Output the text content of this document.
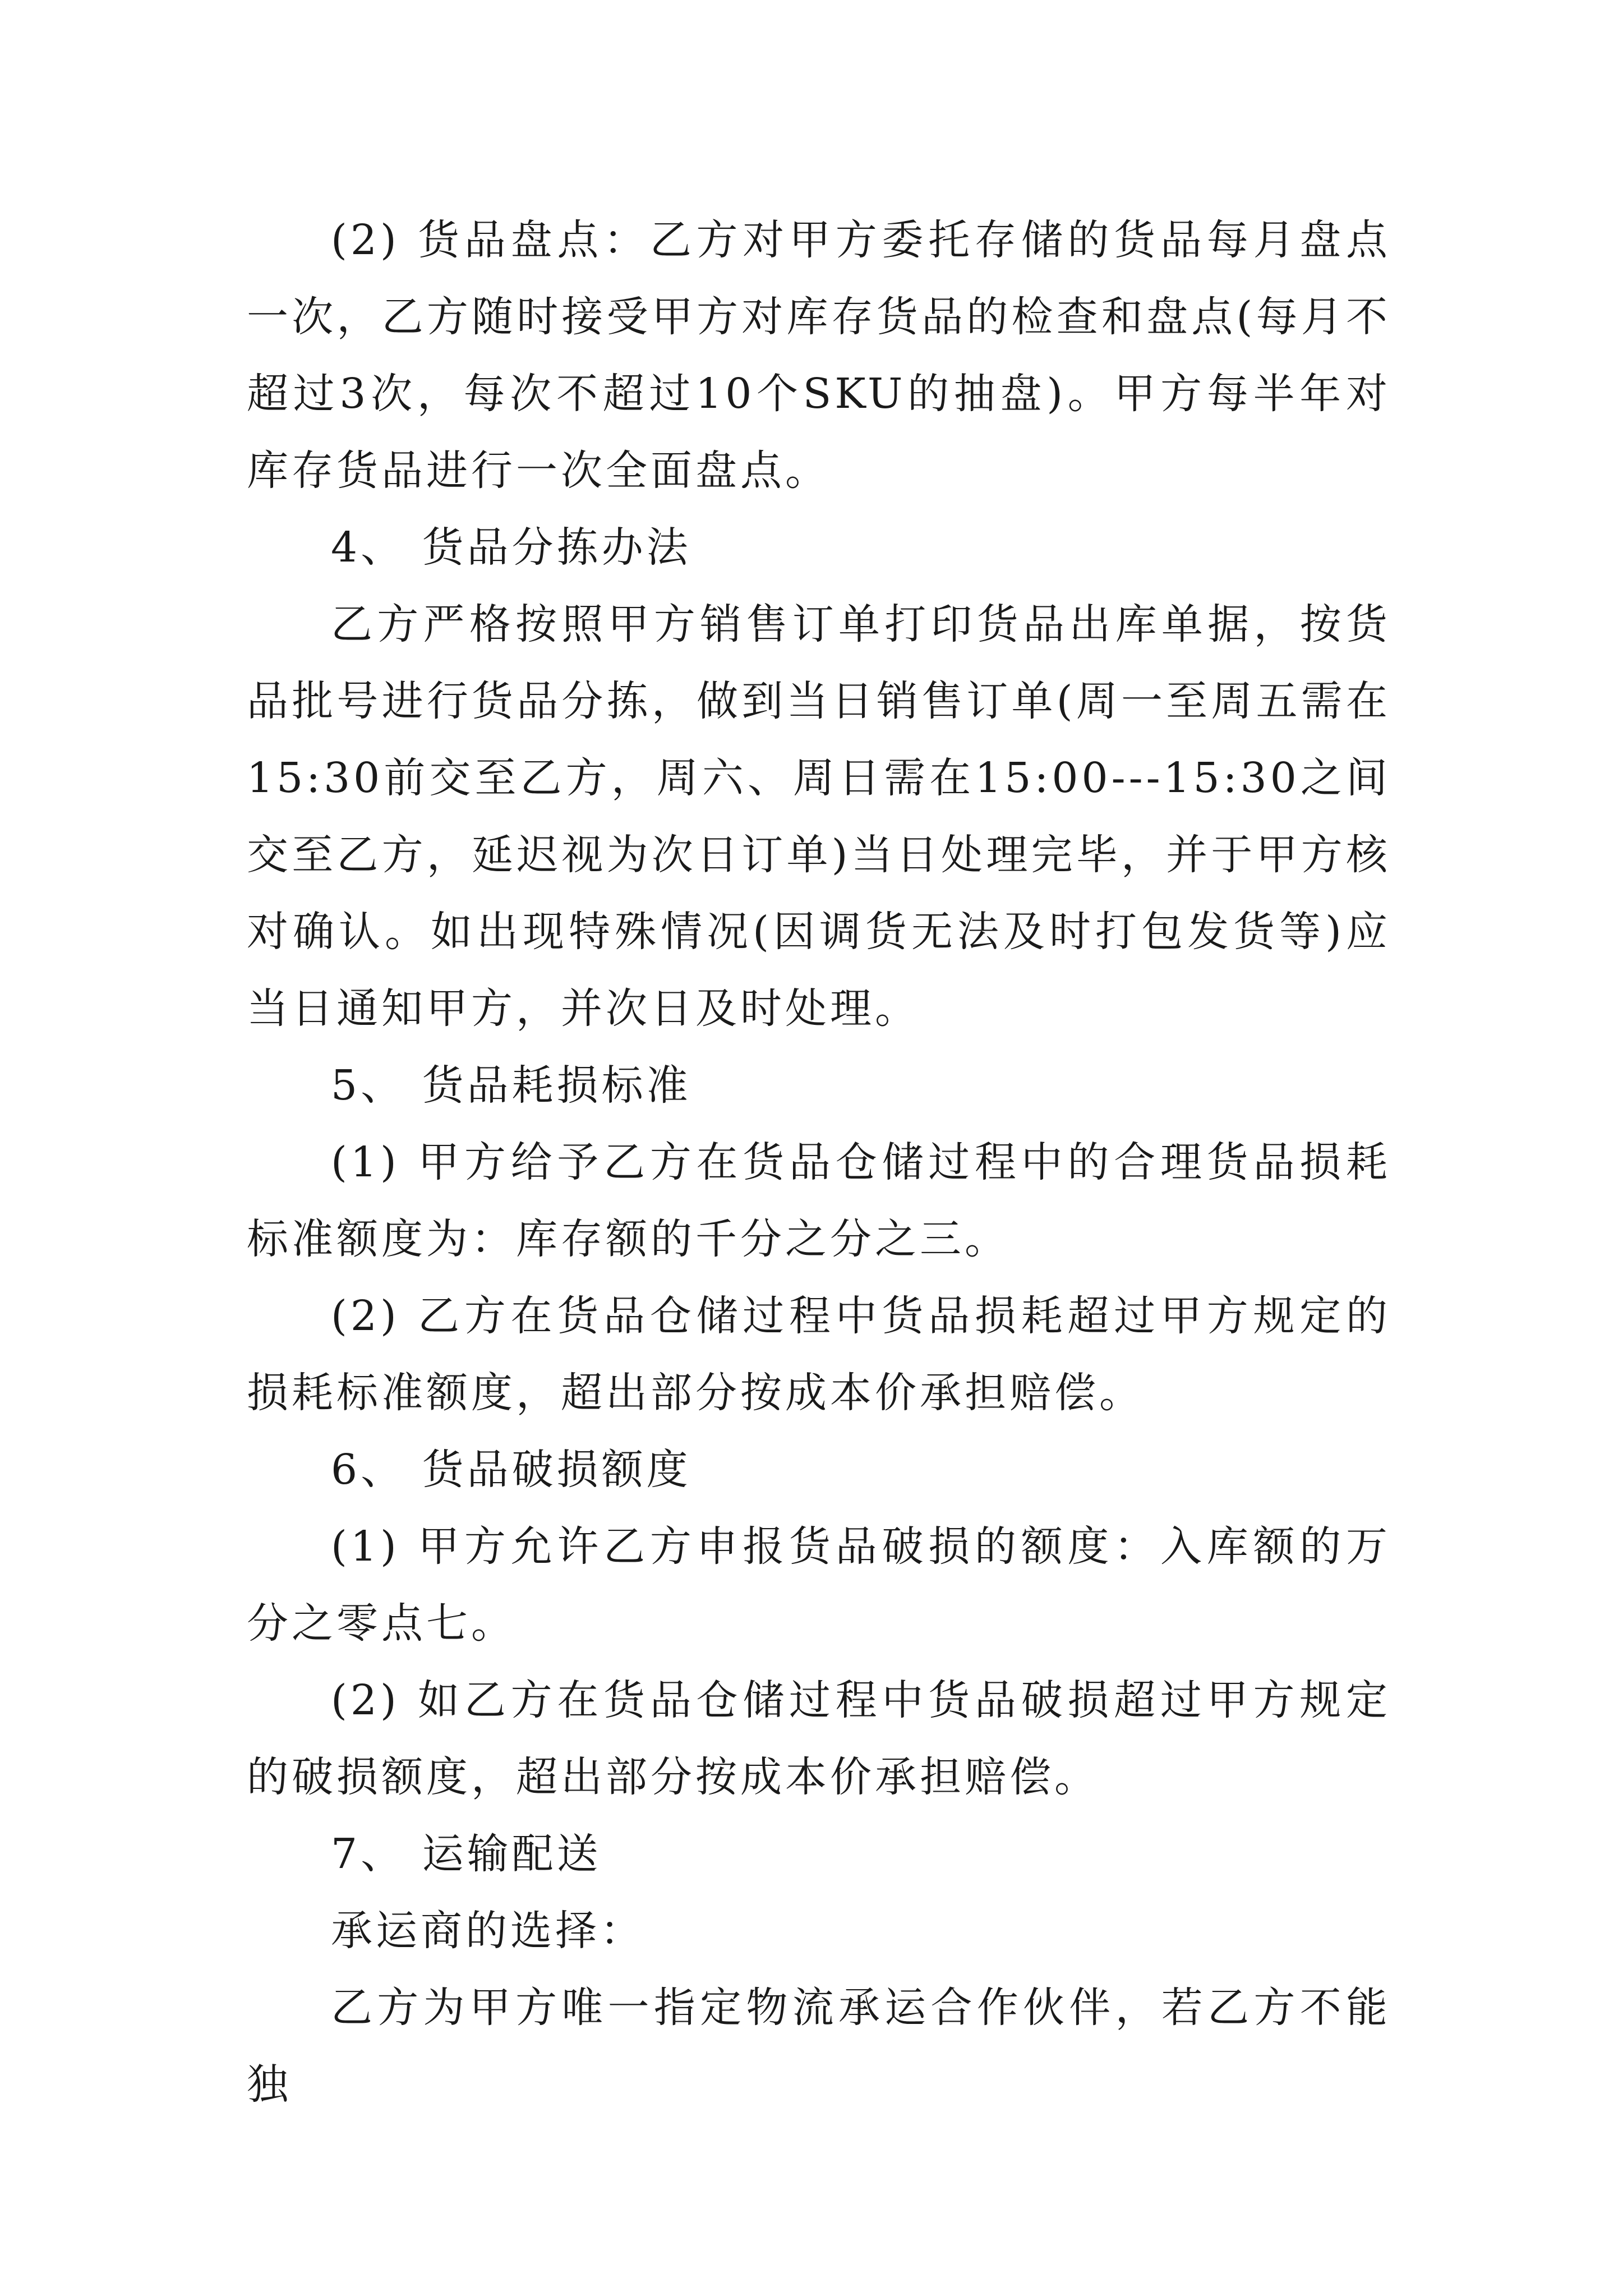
(2) 货品盘点：乙方对甲方委托存储的货品每月盘点一次，乙方随时接受甲方对库存货品的检查和盘点(每月不超过3次，每次不超过10个SKU的抽盘)。甲方每半年对库存货品进行一次全面盘点。

4、 货品分拣办法

乙方严格按照甲方销售订单打印货品出库单据，按货品批号进行货品分拣，做到当日销售订单(周一至周五需在15:30前交至乙方，周六、周日需在15:00---15:30之间交至乙方，延迟视为次日订单)当日处理完毕，并于甲方核对确认。如出现特殊情况(因调货无法及时打包发货等)应当日通知甲方，并次日及时处理。

5、 货品耗损标准

(1) 甲方给予乙方在货品仓储过程中的合理货品损耗标准额度为：库存额的千分之分之三。

(2) 乙方在货品仓储过程中货品损耗超过甲方规定的损耗标准额度，超出部分按成本价承担赔偿。

6、 货品破损额度

(1) 甲方允许乙方申报货品破损的额度：入库额的万分之零点七。

(2) 如乙方在货品仓储过程中货品破损超过甲方规定的破损额度，超出部分按成本价承担赔偿。

7、 运输配送

承运商的选择：

乙方为甲方唯一指定物流承运合作伙伴，若乙方不能独
